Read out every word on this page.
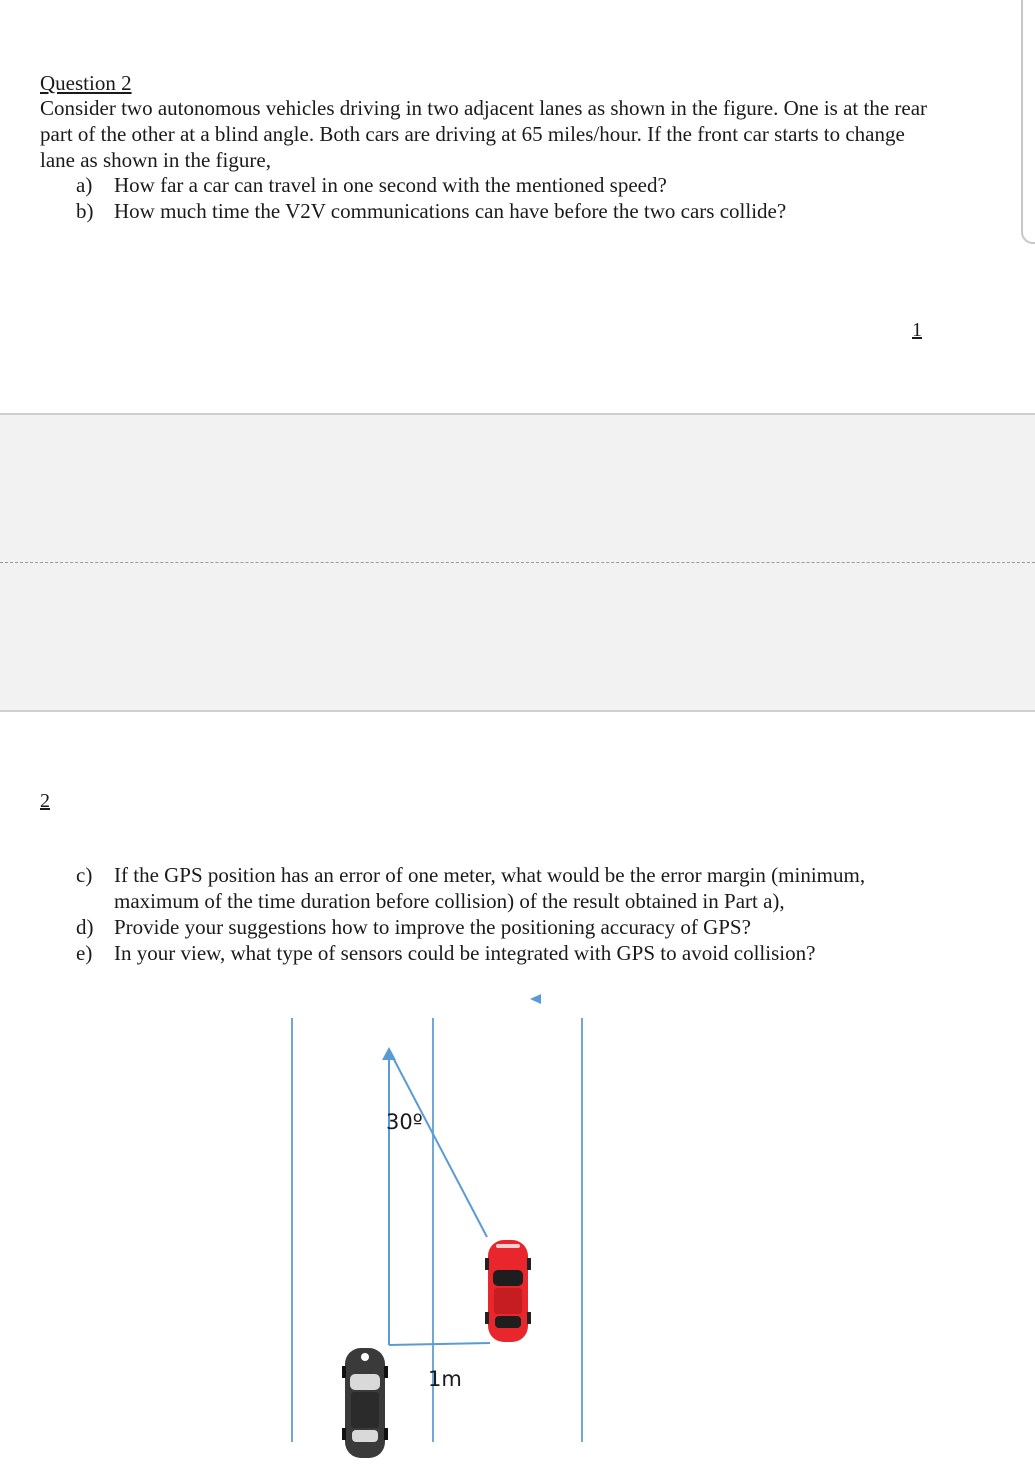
Question 2

Consider two autonomous vehicles driving in two adjacent lanes as shown in the figure. One is at the rear part of the other at a blind angle. Both cars are driving at 65 miles/hour. If the front car starts to change lane as shown in the figure,

a)	How far a car can travel in one second with the mentioned speed?
b) How much time the V2V communications can have before the two cars collide?
1
2
c)	If the GPS position has an error of one meter, what would be the error margin (minimum, maximum of the time duration before collision) of the result obtained in Part a),
d) Provide your suggestions how to improve the positioning accuracy of GPS?
e)	In your view, what type of sensors could be integrated with GPS to avoid collision?
30º
1m
